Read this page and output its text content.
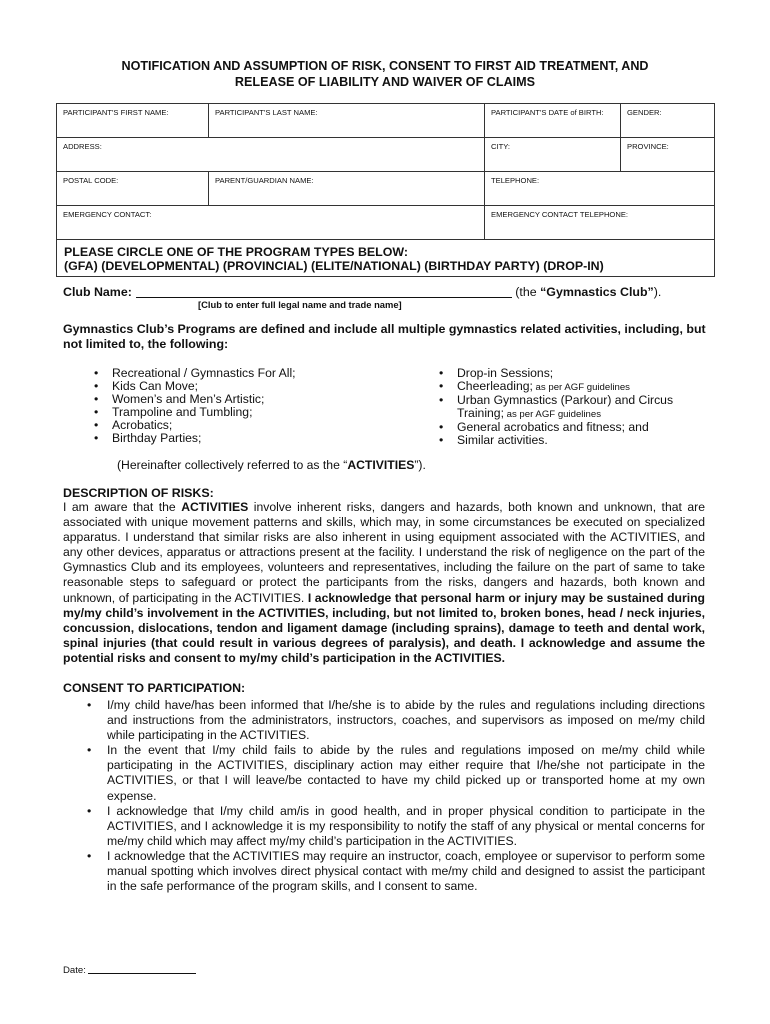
NOTIFICATION AND ASSUMPTION OF RISK, CONSENT TO FIRST AID TREATMENT, AND
RELEASE OF LIABILITY AND WAIVER OF CLAIMS
PARTICIPANT'S FIRST NAME:	PARTICIPANT'S LAST NAME:	PARTICIPANT'S DATE of BIRTH:	GENDER:
ADDRESS:		CITY:	PROVINCE:
POSTAL CODE:	PARENT/GUARDIAN NAME:	TELEPHONE:	
EMERGENCY CONTACT:		EMERGENCY CONTACT TELEPHONE:	

PLEASE CIRCLE ONE OF THE PROGRAM TYPES BELOW:
(GFA) (DEVELOPMENTAL) (PROVINCIAL) (ELITE/NATIONAL) (BIRTHDAY PARTY) (DROP-IN)			
Club Name:	(the “Gymnastics Club”).
[Club to enter full legal name and trade name]
Gymnastics Club’s Programs are defined and include all multiple gymnastics related activities, including, but not limited to, the following:
• Recreational / Gymnastics For All;
• Kids Can Move;
• Women’s and Men’s Artistic;
• Trampoline and Tumbling;
• Acrobatics;
• Birthday Parties;
• Drop-in Sessions;
• Cheerleading; as per AGF guidelines
• Urban Gymnastics (Parkour) and Circus Training; as per AGF guidelines
• General acrobatics and fitness; and
• Similar activities.
(Hereinafter collectively referred to as the “ACTIVITIES”).
DESCRIPTION OF RISKS:
I am aware that the ACTIVITIES involve inherent risks, dangers and hazards, both known and unknown, that are associated with unique movement patterns and skills, which may, in some circumstances be executed on specialized apparatus. I understand that similar risks are also inherent in using equipment associated with the ACTIVITIES, and any other devices, apparatus or attractions present at the facility. I understand the risk of negligence on the part of the Gymnastics Club and its employees, volunteers and representatives, including the failure on the part of same to take reasonable steps to safeguard or protect the participants from the risks, dangers and hazards, both known and unknown, of participating in the ACTIVITIES. I acknowledge that personal harm or injury may be sustained during my/my child’s involvement in the ACTIVITIES, including, but not limited to, broken bones, head / neck injuries, concussion, dislocations, tendon and ligament damage (including sprains), damage to teeth and dental work, spinal injuries (that could result in various degrees of paralysis), and death. I acknowledge and assume the potential risks and consent to my/my child’s participation in the ACTIVITIES.
CONSENT TO PARTICIPATION:
• I/my child have/has been informed that I/he/she is to abide by the rules and regulations including directions and instructions from the administrators, instructors, coaches, and supervisors as imposed on me/my child while participating in the ACTIVITIES.
• In the event that I/my child fails to abide by the rules and regulations imposed on me/my child while participating in the ACTIVITIES, disciplinary action may either require that I/he/she not participate in the ACTIVITIES, or that I will leave/be contacted to have my child picked up or transported home at my own expense.
• I acknowledge that I/my child am/is in good health, and in proper physical condition to participate in the ACTIVITIES, and I acknowledge it is my responsibility to notify the staff of any physical or mental concerns for me/my child which may affect my/my child’s participation in the ACTIVITIES.
• I acknowledge that the ACTIVITIES may require an instructor, coach, employee or supervisor to perform some manual spotting which involves direct physical contact with me/my child and designed to assist the participant in the safe performance of the program skills, and I consent to same.
Date:
